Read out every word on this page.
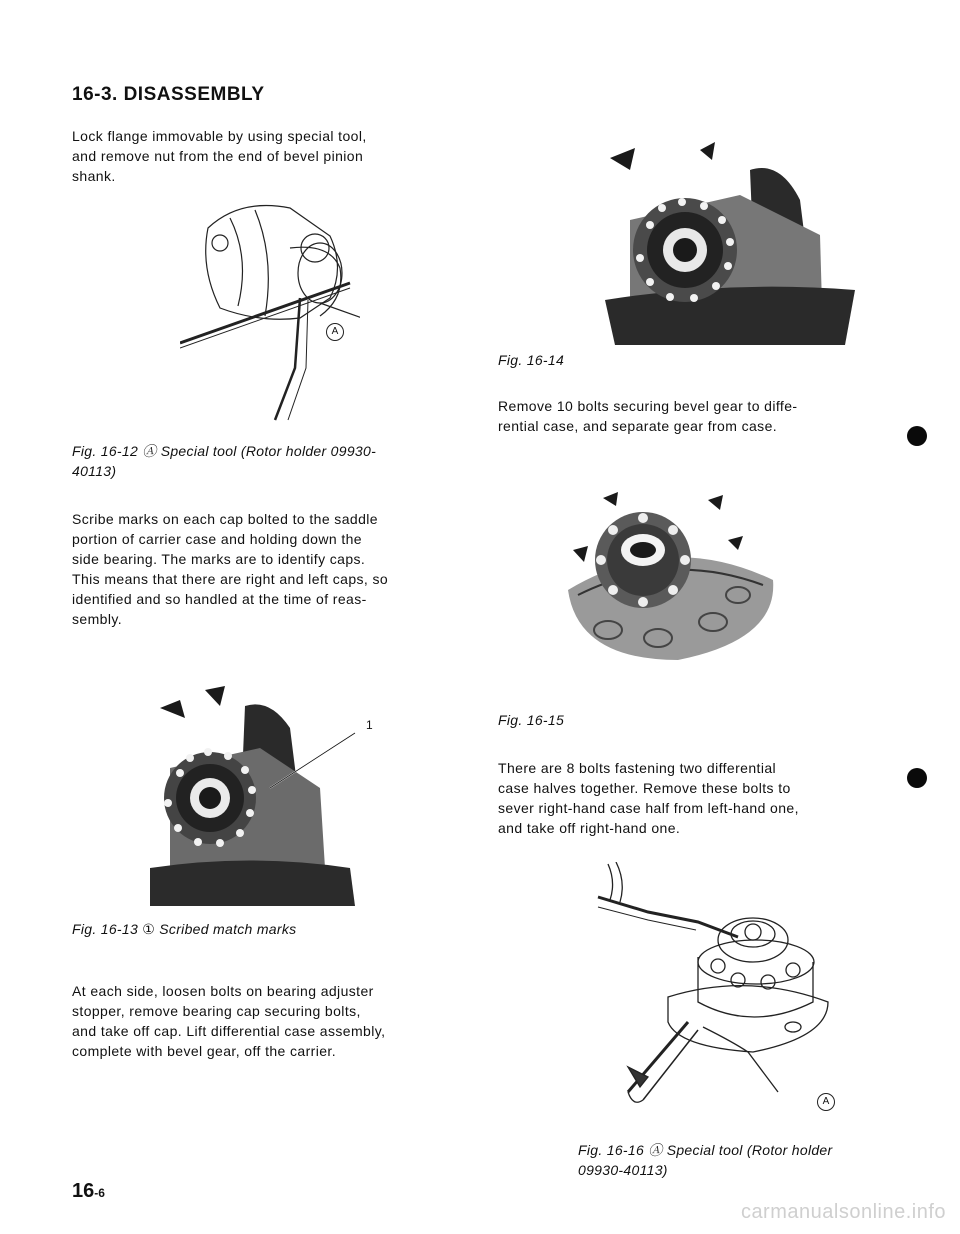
16-3. DISASSEMBLY
Lock flange immovable by using special tool,
and remove nut from the end of bevel pinion
shank.
A
Fig. 16-12 Ⓐ Special tool (Rotor holder 09930-
40113)
Scribe marks on each cap bolted to the saddle
portion of carrier case and holding down the
side bearing. The marks are to identify caps.
This means that there are right and left caps, so
identified and so handled at the time of reas-
sembly.
1
Fig. 16-13 ① Scribed match marks
At each side, loosen bolts on bearing adjuster
stopper, remove bearing cap securing bolts,
and take off cap. Lift differential case assembly,
complete with bevel gear, off the carrier.
Fig. 16-14
Remove 10 bolts securing bevel gear to diffe-
rential case, and separate gear from case.
Fig. 16-15
There are 8 bolts fastening two differential
case halves together. Remove these bolts to
sever right-hand case half from left-hand one,
and take off right-hand one.
A
Fig. 16-16 Ⓐ Special tool (Rotor holder
09930-40113)
16-6
carmanualsonline.info
